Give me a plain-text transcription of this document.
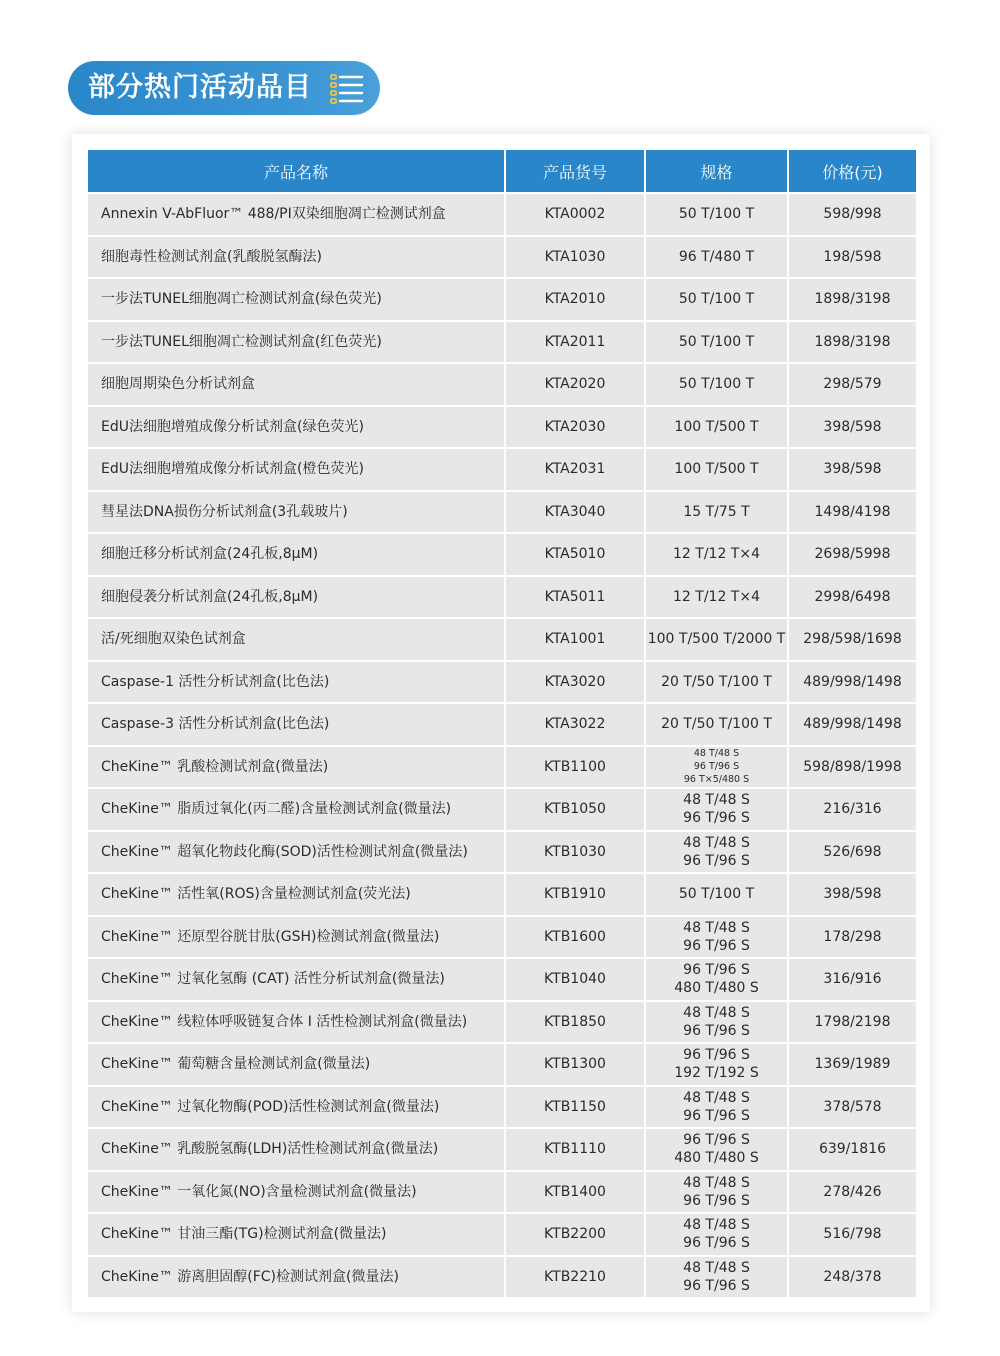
部分热门活动品目
产品名称	产品货号	规格	价格(元)
Annexin V-AbFluor™ 488/PI双染细胞凋亡检测试剂盒	KTA0002	50 T/100 T	598/998
细胞毒性检测试剂盒(乳酸脱氢酶法)	KTA1030	96 T/480 T	198/598
一步法TUNEL细胞凋亡检测试剂盒(绿色荧光)	KTA2010	50 T/100 T	1898/3198
一步法TUNEL细胞凋亡检测试剂盒(红色荧光)	KTA2011	50 T/100 T	1898/3198
细胞周期染色分析试剂盒	KTA2020	50 T/100 T	298/579
EdU法细胞增殖成像分析试剂盒(绿色荧光)	KTA2030	100 T/500 T	398/598
EdU法细胞增殖成像分析试剂盒(橙色荧光)	KTA2031	100 T/500 T	398/598
彗星法DNA损伤分析试剂盒(3孔载玻片)	KTA3040	15 T/75 T	1498/4198
细胞迁移分析试剂盒(24孔板,8μM)	KTA5010	12 T/12 T×4	2698/5998
细胞侵袭分析试剂盒(24孔板,8μM)	KTA5011	12 T/12 T×4	2998/6498
活/死细胞双染色试剂盒	KTA1001	100 T/500 T/2000 T	298/598/1698
Caspase-1 活性分析试剂盒(比色法)	KTA3020	20 T/50 T/100 T	489/998/1498
Caspase-3 活性分析试剂盒(比色法)	KTA3022	20 T/50 T/100 T	489/998/1498
CheKine™ 乳酸检测试剂盒(微量法)	KTB1100	48 T/48 S
96 T/96 S
96 T×5/480 S	598/898/1998
CheKine™ 脂质过氧化(丙二醛)含量检测试剂盒(微量法)	KTB1050	48 T/48 S
96 T/96 S	216/316
CheKine™ 超氧化物歧化酶(SOD)活性检测试剂盒(微量法)	KTB1030	48 T/48 S
96 T/96 S	526/698
CheKine™ 活性氧(ROS)含量检测试剂盒(荧光法)	KTB1910	50 T/100 T	398/598
CheKine™ 还原型谷胱甘肽(GSH)检测试剂盒(微量法)	KTB1600	48 T/48 S
96 T/96 S	178/298
CheKine™ 过氧化氢酶 (CAT) 活性分析试剂盒(微量法)	KTB1040	96 T/96 S
480 T/480 S	316/916
CheKine™ 线粒体呼吸链复合体 Ⅰ 活性检测试剂盒(微量法)	KTB1850	48 T/48 S
96 T/96 S	1798/2198
CheKine™ 葡萄糖含量检测试剂盒(微量法)	KTB1300	96 T/96 S
192 T/192 S	1369/1989
CheKine™ 过氧化物酶(POD)活性检测试剂盒(微量法)	KTB1150	48 T/48 S
96 T/96 S	378/578
CheKine™ 乳酸脱氢酶(LDH)活性检测试剂盒(微量法)	KTB1110	96 T/96 S
480 T/480 S	639/1816
CheKine™ 一氧化氮(NO)含量检测试剂盒(微量法)	KTB1400	48 T/48 S
96 T/96 S	278/426
CheKine™ 甘油三酯(TG)检测试剂盒(微量法)	KTB2200	48 T/48 S
96 T/96 S	516/798
CheKine™ 游离胆固醇(FC)检测试剂盒(微量法)	KTB2210	48 T/48 S
96 T/96 S	248/378
